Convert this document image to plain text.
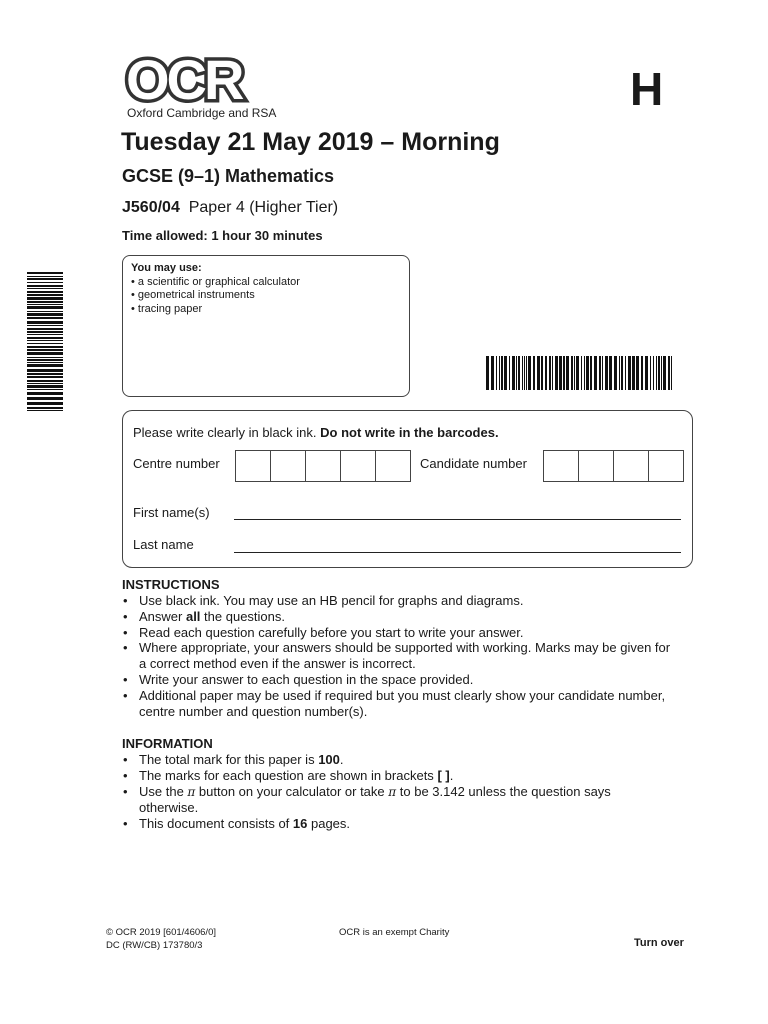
OCR
Oxford Cambridge and RSA	H
Tuesday 21 May 2019 – Morning
GCSE (9–1) Mathematics
J560/04 Paper 4 (Higher Tier)
Time allowed: 1 hour 30 minutes
You may use:
• a scientific or graphical calculator
• geometrical instruments
• tracing paper
Please write clearly in black ink. Do not write in the barcodes.
Centre number	Candidate number
First name(s)
Last name
INSTRUCTIONS
• Use black ink. You may use an HB pencil for graphs and diagrams.
• Answer all the questions.
• Read each question carefully before you start to write your answer.
• Where appropriate, your answers should be supported with working. Marks may be given for a correct method even if the answer is incorrect.
• Write your answer to each question in the space provided.
• Additional paper may be used if required but you must clearly show your candidate number, centre number and question number(s).
INFORMATION
• The total mark for this paper is 100.
• The marks for each question are shown in brackets [ ].
• Use the π button on your calculator or take π to be 3.142 unless the question says otherwise.
• This document consists of 16 pages.
© OCR 2019 [601/4606/0]
DC (RW/CB) 173780/3
OCR is an exempt Charity
Turn over
